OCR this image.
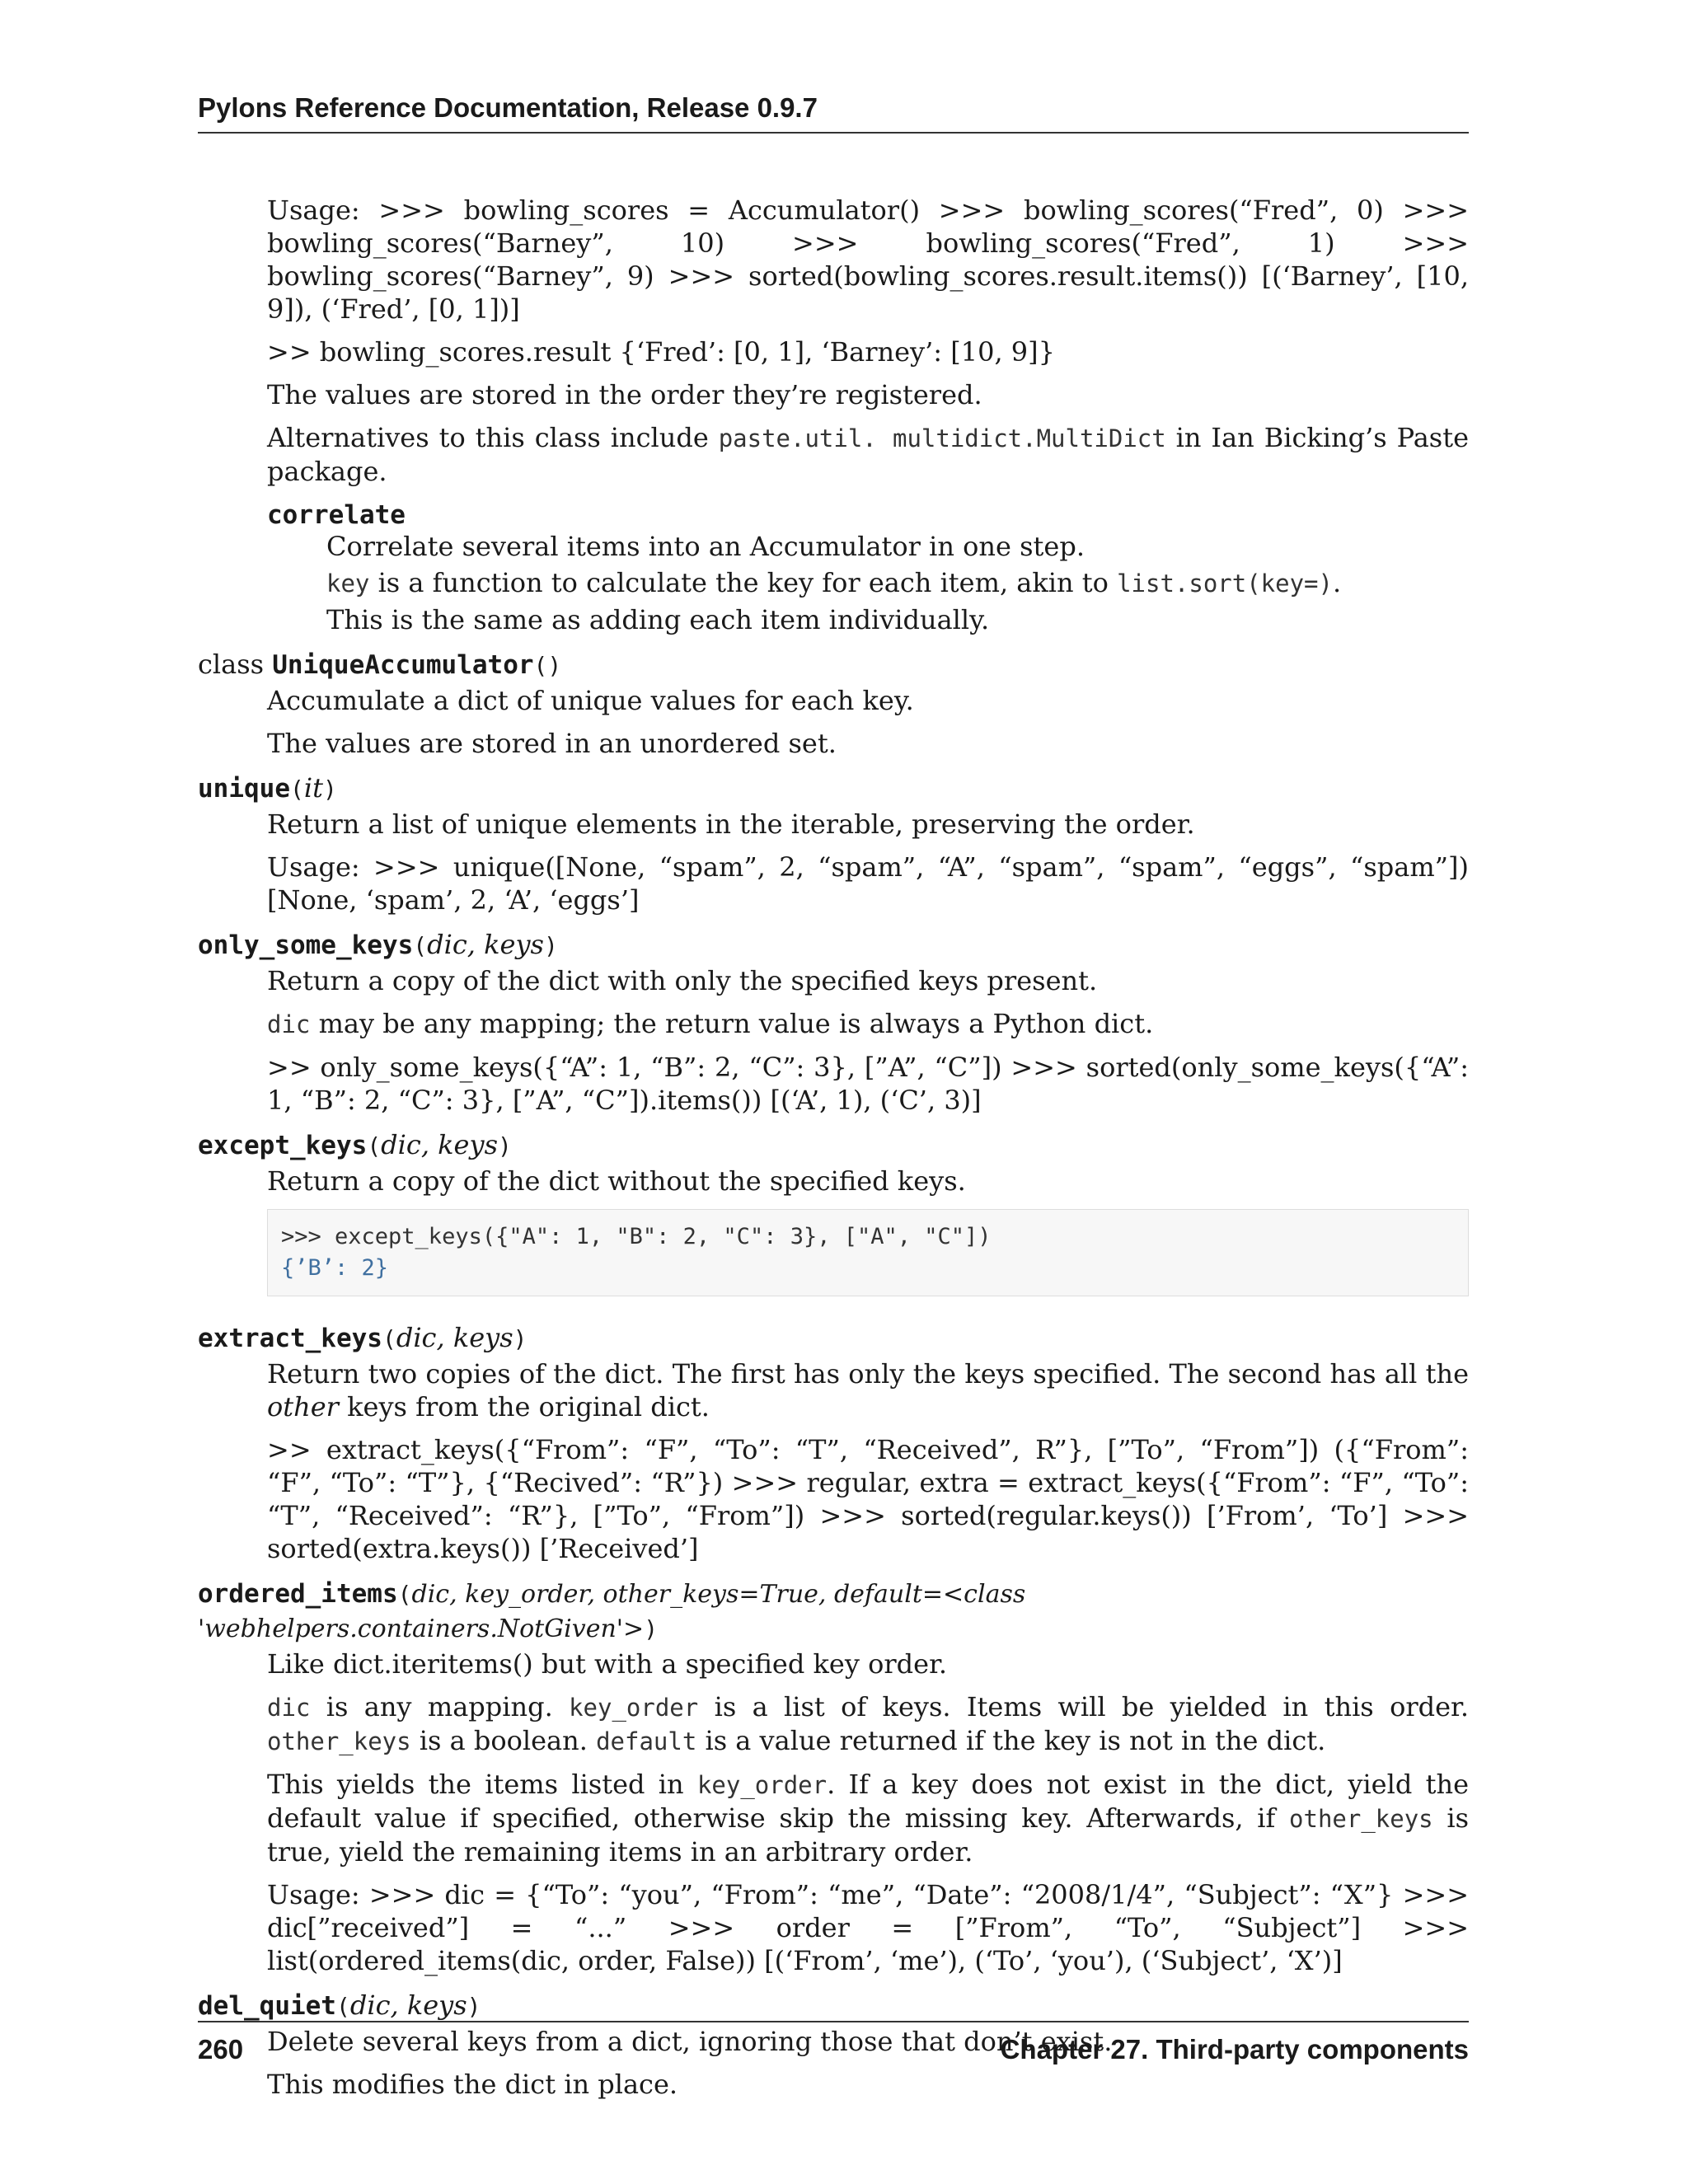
Pylons Reference Documentation, Release 0.9.7

Usage: >>> bowling_scores = Accumulator() >>> bowling_scores(“Fred”, 0) >>> bowling_scores(“Barney”, 10) >>> bowling_scores(“Fred”, 1) >>> bowling_scores(“Barney”, 9) >>> sorted(bowling_scores.result.items()) [(‘Barney’, [10, 9]), (‘Fred’, [0, 1])]

>> bowling_scores.result {‘Fred’: [0, 1], ‘Barney’: [10, 9]}

The values are stored in the order they’re registered.

Alternatives to this class include paste.util. multidict.MultiDict in Ian Bicking’s Paste package.

correlate

Correlate several items into an Accumulator in one step.

key is a function to calculate the key for each item, akin to list.sort(key=).

This is the same as adding each item individually.

class UniqueAccumulator()

Accumulate a dict of unique values for each key.

The values are stored in an unordered set.

unique(it)

Return a list of unique elements in the iterable, preserving the order.

Usage: >>> unique([None, “spam”, 2, “spam”, “A”, “spam”, “spam”, “eggs”, “spam”]) [None, ‘spam’, 2, ‘A’, ‘eggs’]

only_some_keys(dic, keys)

Return a copy of the dict with only the specified keys present.

dic may be any mapping; the return value is always a Python dict.

>> only_some_keys({“A”: 1, “B”: 2, “C”: 3}, [”A”, “C”]) >>> sorted(only_some_keys({“A”: 1, “B”: 2, “C”: 3}, [”A”, “C”]).items()) [(‘A’, 1), (‘C’, 3)]

except_keys(dic, keys)

Return a copy of the dict without the specified keys.

>>> except_keys({"A": 1, "B": 2, "C": 3}, ["A", "C"])
{’B’: 2}
extract_keys(dic, keys)

Return two copies of the dict. The first has only the keys specified. The second has all the other keys from the original dict.

>> extract_keys({“From”: “F”, “To”: “T”, “Received”, R”}, [”To”, “From”]) ({“From”: “F”, “To”: “T”}, {“Recived”: “R”}) >>> regular, extra = extract_keys({“From”: “F”, “To”: “T”, “Received”: “R”}, [”To”, “From”]) >>> sorted(regular.keys()) [’From’, ‘To’] >>> sorted(extra.keys()) [’Received’]

ordered_items(dic, key_order, other_keys=True, default=<class 'webhelpers.containers.NotGiven'>)

Like dict.iteritems() but with a specified key order.

dic is any mapping. key_order is a list of keys. Items will be yielded in this order. other_keys is a boolean. default is a value returned if the key is not in the dict.

This yields the items listed in key_order. If a key does not exist in the dict, yield the default value if specified, otherwise skip the missing key. Afterwards, if other_keys is true, yield the remaining items in an arbitrary order.

Usage: >>> dic = {“To”: “you”, “From”: “me”, “Date”: “2008/1/4”, “Subject”: “X”} >>> dic[”received”] = “...” >>> order = [”From”, “To”, “Subject”] >>> list(ordered_items(dic, order, False)) [(‘From’, ‘me’), (‘To’, ‘you’), (‘Subject’, ‘X’)]

del_quiet(dic, keys)

Delete several keys from a dict, ignoring those that don’t exist.

This modifies the dict in place.

260	Chapter 27. Third-party components
